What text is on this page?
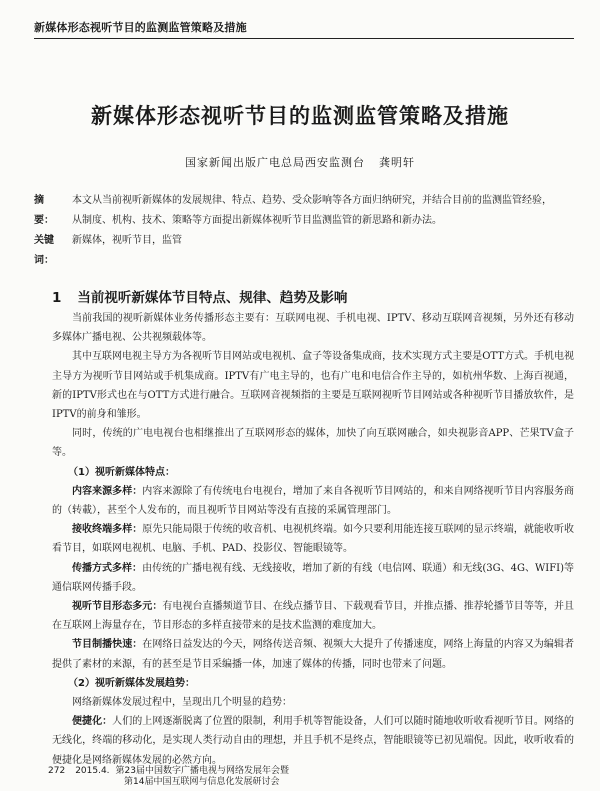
新媒体形态视听节目的监测监管策略及措施
新媒体形态视听节目的监测监管策略及措施
国家新闻出版广电总局西安监测台 龚明轩
摘　要：
本文从当前视听新媒体的发展规律、特点、趋势、受众影响等各方面归纳研究，并结合目前的监测监管经验，从制度、机构、技术、策略等方面提出新媒体视听节目监测监管的新思路和新办法。
关键词：
新媒体，视听节目，监管
1 当前视听新媒体节目特点、规律、趋势及影响

当前我国的视听新媒体业务传播形态主要有：互联网电视、手机电视、IPTV、移动互联网音视频，另外还有移动多媒体广播电视、公共视频载体等。

其中互联网电视主导方为各视听节目网站或电视机、盒子等设备集成商，技术实现方式主要是OTT方式。手机电视主导方为视听节目网站或手机集成商。IPTV有广电主导的，也有广电和电信合作主导的，如杭州华数、上海百视通，新的IPTV形式也在与OTT方式进行融合。互联网音视频指的主要是互联网视听节目网站或各种视听节目播放软件，是IPTV的前身和雏形。

同时，传统的广电电视台也相继推出了互联网形态的媒体，加快了向互联网融合，如央视影音APP、芒果TV盒子等。

（1）视听新媒体特点：

内容来源多样：内容来源除了有传统电台电视台，增加了来自各视听节目网站的，和来自网络视听节目内容服务商的（转載），甚至个人发布的，而且视听节目网站等没有直接的采属管理部门。

接收终端多样：原先只能局限于传统的收音机、电视机终端。如今只要利用能连接互联网的显示终端，就能收听收看节目，如联网电视机、电脑、手机、PAD、投影仪、智能眼镜等。

传播方式多样：由传统的广播电视有线、无线接收，增加了新的有线（电信网、联通）和无线(3G、4G、WIFI)等通信联网传播手段。

视听节目形态多元：有电视台直播频道节目、在线点播节目、下载观看节目，并推点播、推荐轮播节目等等，并且在互联网上海量存在，节目形态的多样直接带来的是技术监测的难度加大。

节目制播快速：在网络日益发达的今天，网络传送音频、视频大大提升了传播速度，网络上海量的内容又为编辑者提供了素材的来源，有的甚至是节目采编播一体，加速了媒体的传播，同时也带来了问题。

（2）视听新媒体发展趋势：

网络新媒体发展过程中，呈现出几个明显的趋势：

便捷化：人们的上网逐渐脱离了位置的限制，利用手机等智能设备，人们可以随时随地收听收看视听节目。网络的无线化，终端的移动化，是实现人类行动自由的理想，并且手机不是终点，智能眼镜等已初见端倪。因此，收听收看的便捷化是网络新媒体发展的必然方向。

272 2015.4. 第23届中国数字广播电视与网络发展年会暨
第14届中国互联网与信息化发展研讨会
